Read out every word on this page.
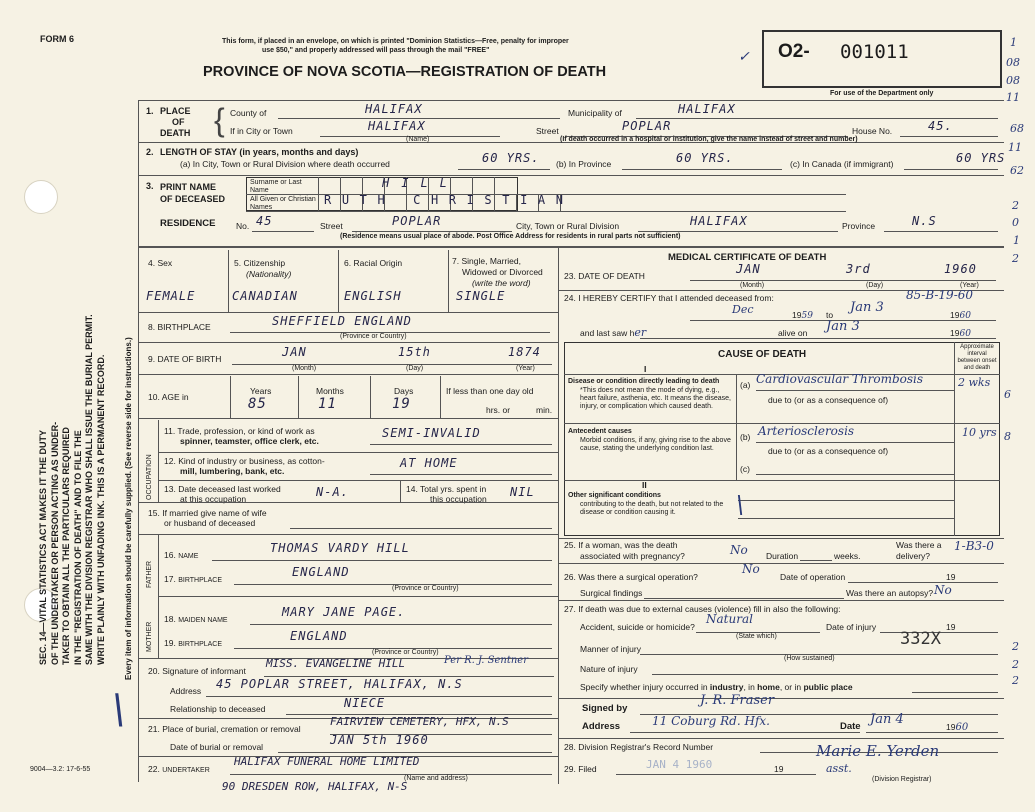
FORM 6	This form, if placed in an envelope, on which is printed "Dominion Statistics—Free, penalty for improper
use $50," and properly addressed will pass through the mail "FREE"
PROVINCE OF NOVA SCOTIA—REGISTRATION OF DEATH
O2- 001011
For use of the Department only
✓
1
08
08
11
68
11
62
2
0
1
2
6
8
2
2
2
SEC. 14—VITAL STATISTICS ACT MAKES IT THE DUTY OF THE UNDERTAKER OR PERSON ACTING AS UNDER- TAKER TO OBTAIN ALL THE PARTICULARS REQUIRED IN THE "REGISTRATION OF DEATH" AND TO FILE THE SAME WITH THE DIVISION REGISTRAR WHO SHALL ISSUE THE BURIAL PERMIT. WRITE PLAINLY WITH UNFADING INK. THIS IS A PERMANENT RECORD. Every item of information should be carefully supplied. (See reverse side for instructions.)
9004—3.2: 17-6-55
\
1. PLACE
OF
DEATH { County of	HALIFAX	Municipality of	HALIFAX
If in City or Town	HALIFAX
(Name)
Street	POPLAR	House No.	45.
(If death occurred in a hospital or institution, give the name instead of street and number)
2. LENGTH OF STAY (in years, months and days)
(a) In City, Town or Rural Division where death occurred	60 YRS. (b) In Province	60 YRS.	(c) In Canada (if immigrant)	60 YRS
3. PRINT NAME
OF DECEASED
Surname or Last Name
All Given or Christian Names
HILL
RUTH CHRISTIAN
RESIDENCE No. 45	Street	POPLAR	City, Town or Rural Division	HALIFAX	Province	N.S
(Residence means usual place of abode. Post Office Address for residents in rural parts not sufficient)
4. Sex	5. Citizenship
(Nationality)
6. Racial Origin	7. Single, Married,
Widowed or Divorced
(write the word)
FEMALE	CANADIAN	ENGLISH	SINGLE
8. BIRTHPLACE	SHEFFIELD ENGLAND
(Province or Country)
9. DATE OF BIRTH	JAN	15th	1874
(Month)	(Day)	(Year)
10. AGE in
Years	Months	Days
85	11	19
If less than one day old
hrs. or	min.
OCCUPATION
11. Trade, profession, or kind of work as
spinner, teamster, office clerk, etc.
SEMI-INVALID
12. Kind of industry or business, as cotton-
mill, lumbering, bank, etc.
AT HOME
13. Date deceased last worked
at this occupation	N-A.	14. Total yrs. spent in
this occupation NIL
15. If married give name of wife
or husband of deceased
FATHER
MOTHER
16. NAME
THOMAS VARDY HILL
17. BIRTHPLACE
ENGLAND
(Province or Country)
18. MAIDEN NAME
MARY JANE PAGE.
19. BIRTHPLACE
ENGLAND
(Province or Country)
20. Signature of informant
MISS. EVANGELINE HILL	Per R. J. Sentner
Address 45 POPLAR STREET, HALIFAX, N.S
Relationship to deceased	NIECE
21. Place of burial, cremation or removal
FAIRVIEW CEMETERY, HFX, N.S
Date of burial or removal	JAN 5th 1960
22. UNDERTAKER
HALIFAX FUNERAL HOME LIMITED
(Name and address)
90 DRESDEN ROW, HALIFAX, N-S
MEDICAL CERTIFICATE OF DEATH
23. DATE OF DEATH	JAN	3rd	1960
(Month)	(Day)	(Year)
24. I HEREBY CERTIFY that I attended deceased from:	85-B-19-60
Dec	1959 to Jan 3	1960
and last saw her	alive on Jan 3	1960
CAUSE OF DEATH
Approximate interval between onset and death
I
Disease or condition directly leading to death
*This does not mean the mode of dying, e.g., heart failure, asthenia, etc. It means the disease, injury, or complication which caused death.
(a) Cardiovascular Thrombosis	2 wks
due to (or as a consequence of)
Antecedent causes
Morbid conditions, if any, giving rise to the above cause, stating the underlying condition last.
(b) Arteriosclerosis	10 yrs
due to (or as a consequence of)
(c)
II
Other significant conditions
contributing to the death, but not related to the disease or condition causing it.	\
25. If a woman, was the death
associated with pregnancy?	No Duration	weeks.
Was there a delivery?
1-B3-0
26. Was there a surgical operation?
No
Date of operation	19
Surgical findings	Was there an autopsy? No
27. If death was due to external causes (violence) fill in also the following:
Accident, suicide or homicide?
Natural
(State which)
Date of injury	19
Manner of injury	332X
(How sustained)
Nature of injury
Specify whether injury occurred in industry, in home, or in public place
Signed by
J. R. Fraser
Address	11 Coburg Rd. Hfx.	Date Jan 4	1960
28. Division Registrar's Record Number
29. Filed	JAN 4 1960	19
Marie E. Yerden
asst.
(Division Registrar)
